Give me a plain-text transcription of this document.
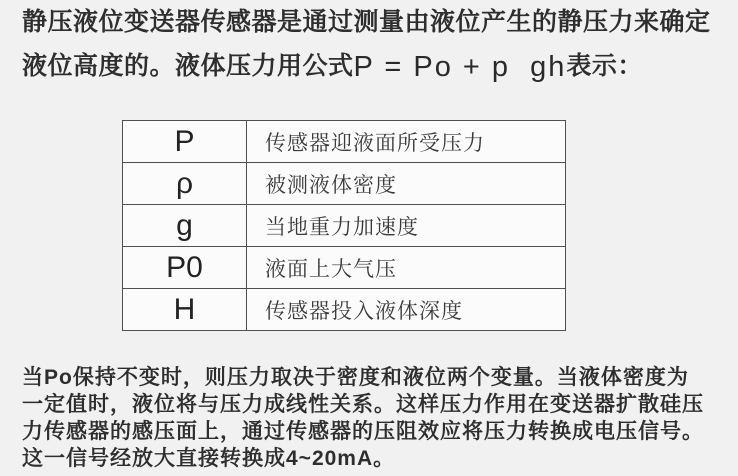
静压液位变送器传感器是通过测量由液位产生的静压力来确定
液位高度的。液体压力用公式P = Po + p  gh表示：
P	传感器迎液面所受压力
ρ	被测液体密度
g	当地重力加速度
P0	液面上大气压
H	传感器投入液体深度
当Po保持不变时，则压力取决于密度和液位两个变量。当液体密度为
一定值时，液位将与压力成线性关系。这样压力作用在变送器扩散硅压
力传感器的感压面上，通过传感器的压阻效应将压力转换成电压信号。
这一信号经放大直接转换成4~20mA。
